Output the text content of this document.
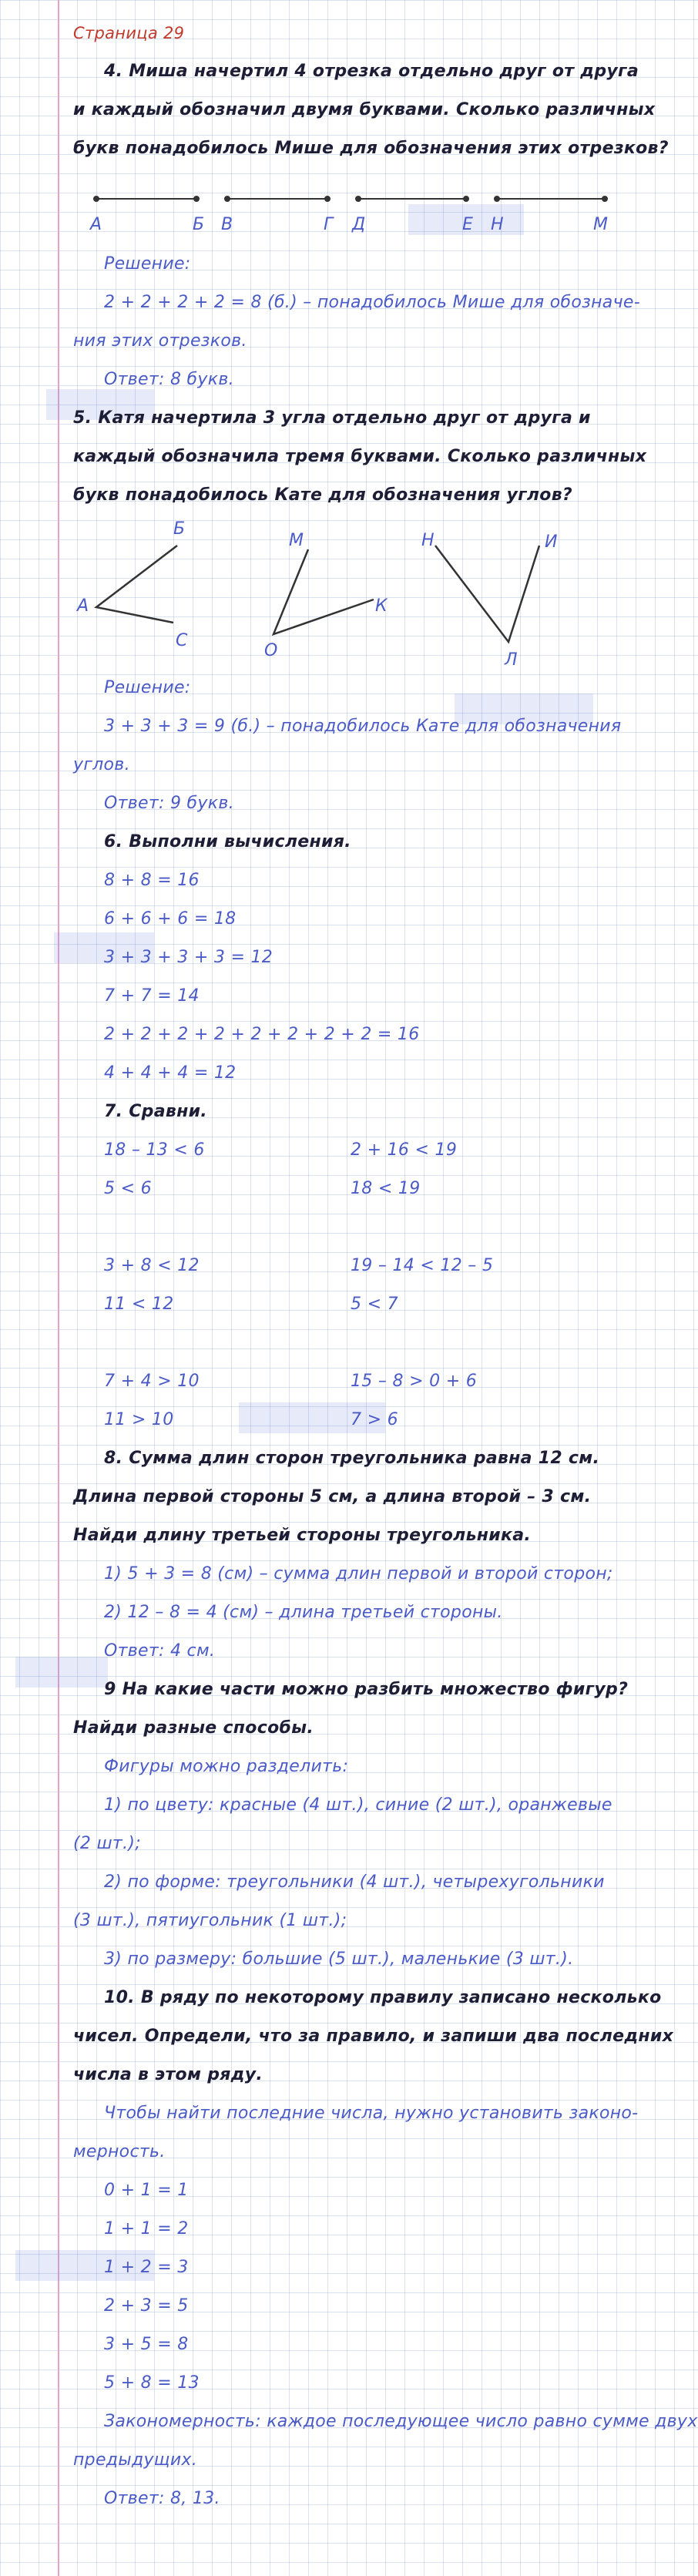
Страница 29
4. Миша начертил 4 отрезка отдельно друг от друга
и каждый обозначил двумя буквами. Сколько различных
букв понадобилось Мише для обозначения этих отрезков?
А	Б В	Г Д	Е Н	М
Решение:
2 + 2 + 2 + 2 = 8 (б.) – понадобилось Мише для обозначе-
ния этих отрезков.
Ответ: 8 букв.
5. Катя начертила 3 угла отдельно друг от друга и
каждый обозначила тремя буквами. Сколько различных
букв понадобилось Кате для обозначения углов?
Б
А
С
М
О
К
Н	И
Л
Решение:
3 + 3 + 3 = 9 (б.) – понадобилось Кате для обозначения
углов.
Ответ: 9 букв.
6. Выполни вычисления.
8 + 8 = 16
6 + 6 + 6 = 18
3 + 3 + 3 + 3 = 12
7 + 7 = 14
2 + 2 + 2 + 2 + 2 + 2 + 2 + 2 = 16
4 + 4 + 4 = 12
7. Сравни.
18 – 13 < 6	2 + 16 < 19
5 < 6	18 < 19
3 + 8 < 12	19 – 14 < 12 – 5
11 < 12	5 < 7
7 + 4 > 10	15 – 8 > 0 + 6
11 > 10	7 > 6
8. Сумма длин сторон треугольника равна 12 см.
Длина первой стороны 5 см, а длина второй – 3 см.
Найди длину третьей стороны треугольника.
1) 5 + 3 = 8 (см) – сумма длин первой и второй сторон;
2) 12 – 8 = 4 (см) – длина третьей стороны.
Ответ: 4 см.
9 На какие части можно разбить множество фигур?
Найди разные способы.
Фигуры можно разделить:
1) по цвету: красные (4 шт.), синие (2 шт.), оранжевые
(2 шт.);
2) по форме: треугольники (4 шт.), четырехугольники
(3 шт.), пятиугольник (1 шт.);
3) по размеру: большие (5 шт.), маленькие (3 шт.).
10. В ряду по некоторому правилу записано несколько
чисел. Определи, что за правило, и запиши два последних
числа в этом ряду.
Чтобы найти последние числа, нужно установить законо-
мерность.
0 + 1 = 1
1 + 1 = 2
1 + 2 = 3
2 + 3 = 5
3 + 5 = 8
5 + 8 = 13
Закономерность: каждое последующее число равно сумме двух
предыдущих.
Ответ: 8, 13.
